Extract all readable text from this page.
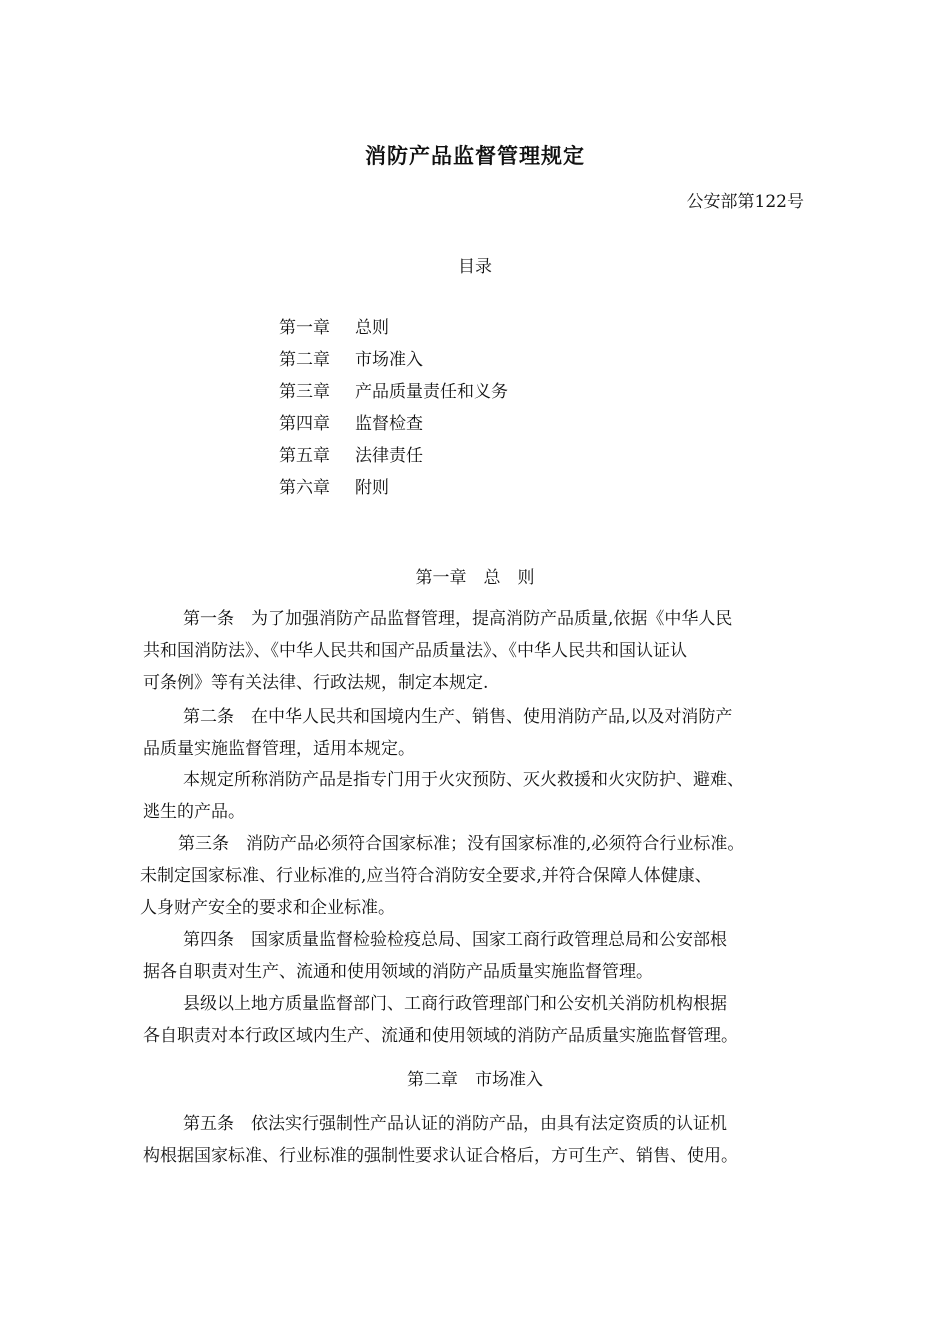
消防产品监督管理规定
公安部第122号
目录
第一章	总则
第二章	市场准入
第三章	产品质量责任和义务
第四章	监督检查
第五章	法律责任
第六章	附则
第一章　总　则
第一条　为了加强消防产品监督管理，提高消防产品质量,依据《中华人民
共和国消防法》、《中华人民共和国产品质量法》、《中华人民共和国认证认
可条例》等有关法律、行政法规，制定本规定.
第二条　在中华人民共和国境内生产、销售、使用消防产品,以及对消防产
品质量实施监督管理，适用本规定。
本规定所称消防产品是指专门用于火灾预防、灭火救援和火灾防护、避难、
逃生的产品。
第三条　消防产品必须符合国家标准；没有国家标准的,必须符合行业标准。
未制定国家标准、行业标准的,应当符合消防安全要求,并符合保障人体健康、
人身财产安全的要求和企业标准。
第四条　国家质量监督检验检疫总局、国家工商行政管理总局和公安部根
据各自职责对生产、流通和使用领域的消防产品质量实施监督管理。
县级以上地方质量监督部门、工商行政管理部门和公安机关消防机构根据
各自职责对本行政区域内生产、流通和使用领域的消防产品质量实施监督管理。
第二章　市场准入
第五条　依法实行强制性产品认证的消防产品，由具有法定资质的认证机
构根据国家标准、行业标准的强制性要求认证合格后，方可生产、销售、使用。
